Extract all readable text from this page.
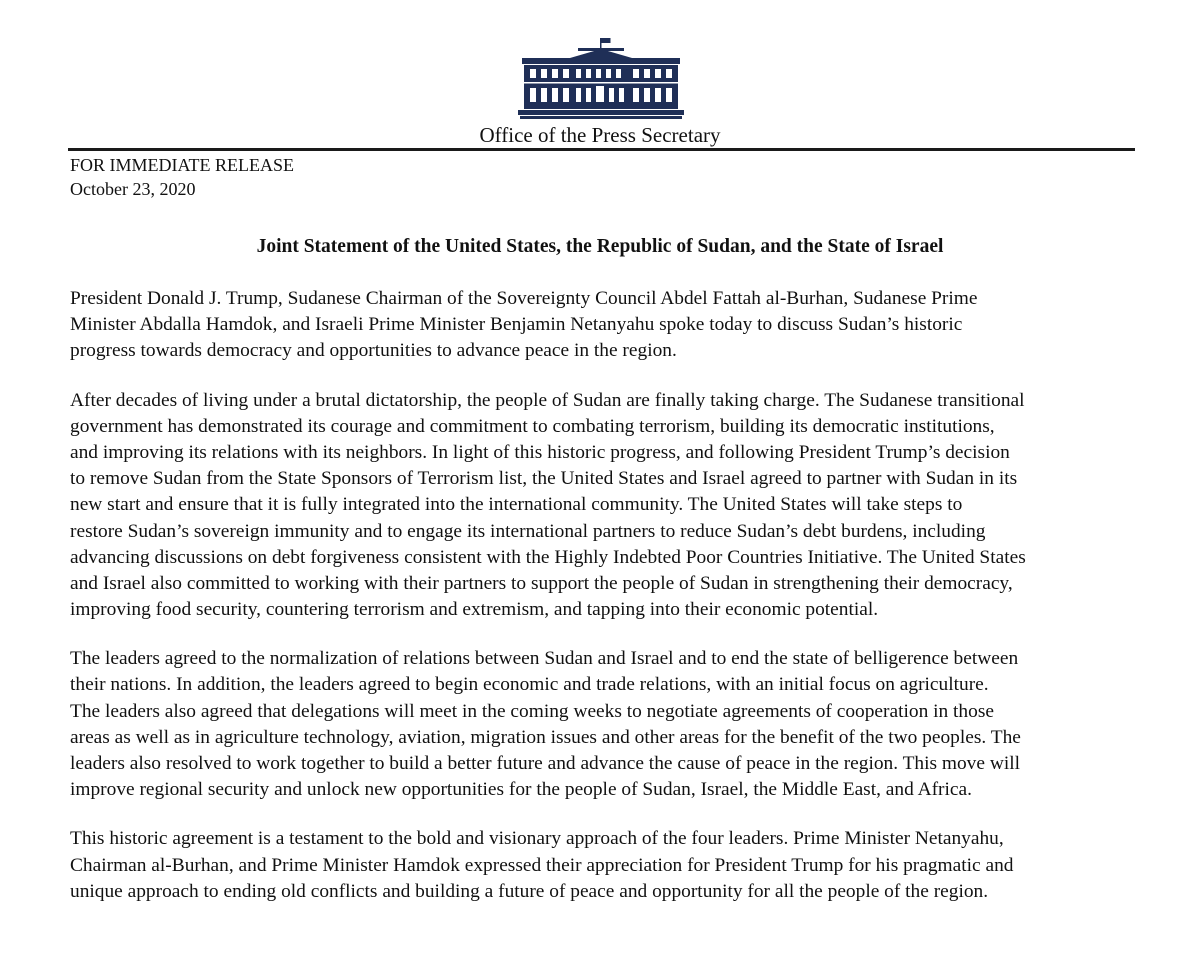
Office of the Press Secretary
FOR IMMEDIATE RELEASE
October 23, 2020
Joint Statement of the United States, the Republic of Sudan, and the State of Israel
President Donald J. Trump, Sudanese Chairman of the Sovereignty Council Abdel Fattah al-Burhan, Sudanese Prime
Minister Abdalla Hamdok, and Israeli Prime Minister Benjamin Netanyahu spoke today to discuss Sudan’s historic
progress towards democracy and opportunities to advance peace in the region.
After decades of living under a brutal dictatorship, the people of Sudan are finally taking charge. The Sudanese transitional
government has demonstrated its courage and commitment to combating terrorism, building its democratic institutions,
and improving its relations with its neighbors. In light of this historic progress, and following President Trump’s decision
to remove Sudan from the State Sponsors of Terrorism list, the United States and Israel agreed to partner with Sudan in its
new start and ensure that it is fully integrated into the international community. The United States will take steps to
restore Sudan’s sovereign immunity and to engage its international partners to reduce Sudan’s debt burdens, including
advancing discussions on debt forgiveness consistent with the Highly Indebted Poor Countries Initiative. The United States
and Israel also committed to working with their partners to support the people of Sudan in strengthening their democracy,
improving food security, countering terrorism and extremism, and tapping into their economic potential.
The leaders agreed to the normalization of relations between Sudan and Israel and to end the state of belligerence between
their nations. In addition, the leaders agreed to begin economic and trade relations, with an initial focus on agriculture.
The leaders also agreed that delegations will meet in the coming weeks to negotiate agreements of cooperation in those
areas as well as in agriculture technology, aviation, migration issues and other areas for the benefit of the two peoples. The
leaders also resolved to work together to build a better future and advance the cause of peace in the region. This move will
improve regional security and unlock new opportunities for the people of Sudan, Israel, the Middle East, and Africa.
This historic agreement is a testament to the bold and visionary approach of the four leaders. Prime Minister Netanyahu,
Chairman al-Burhan, and Prime Minister Hamdok expressed their appreciation for President Trump for his pragmatic and
unique approach to ending old conflicts and building a future of peace and opportunity for all the people of the region.
